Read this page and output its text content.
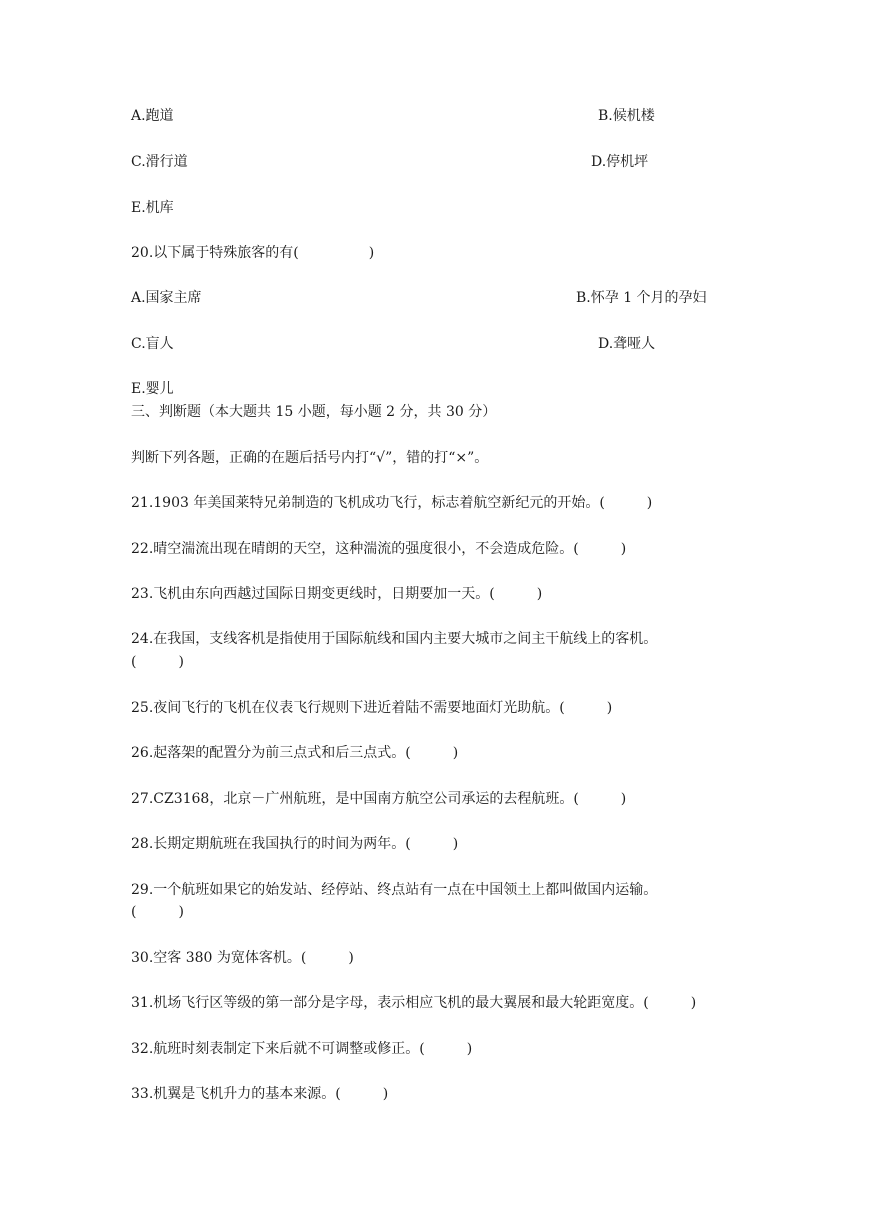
A.跑道	B.候机楼
C.滑行道	D.停机坪
E.机库
20.以下属于特殊旅客的有(　　　　　)
A.国家主席	B.怀孕 1 个月的孕妇
C.盲人	D.聋哑人
E.婴儿
三、判断题（本大题共 15 小题，每小题 2 分，共 30 分）
判断下列各题，正确的在题后括号内打“√”，错的打“×”。
21.1903 年美国莱特兄弟制造的飞机成功飞行，标志着航空新纪元的开始。(　　　)
22.晴空湍流出现在晴朗的天空，这种湍流的强度很小，不会造成危险。(　　　)
23.飞机由东向西越过国际日期变更线时，日期要加一天。(　　　)
24.在我国，支线客机是指使用于国际航线和国内主要大城市之间主干航线上的客机。
(　　　)
25.夜间飞行的飞机在仪表飞行规则下进近着陆不需要地面灯光助航。(　　　)
26.起落架的配置分为前三点式和后三点式。(　　　)
27.CZ3168，北京－广州航班，是中国南方航空公司承运的去程航班。(　　　)
28.长期定期航班在我国执行的时间为两年。(　　　)
29.一个航班如果它的始发站、经停站、终点站有一点在中国领土上都叫做国内运输。
(　　　)
30.空客 380 为宽体客机。(　　　)
31.机场飞行区等级的第一部分是字母，表示相应飞机的最大翼展和最大轮距宽度。(　　　)
32.航班时刻表制定下来后就不可调整或修正。(　　　)
33.机翼是飞机升力的基本来源。(　　　)
